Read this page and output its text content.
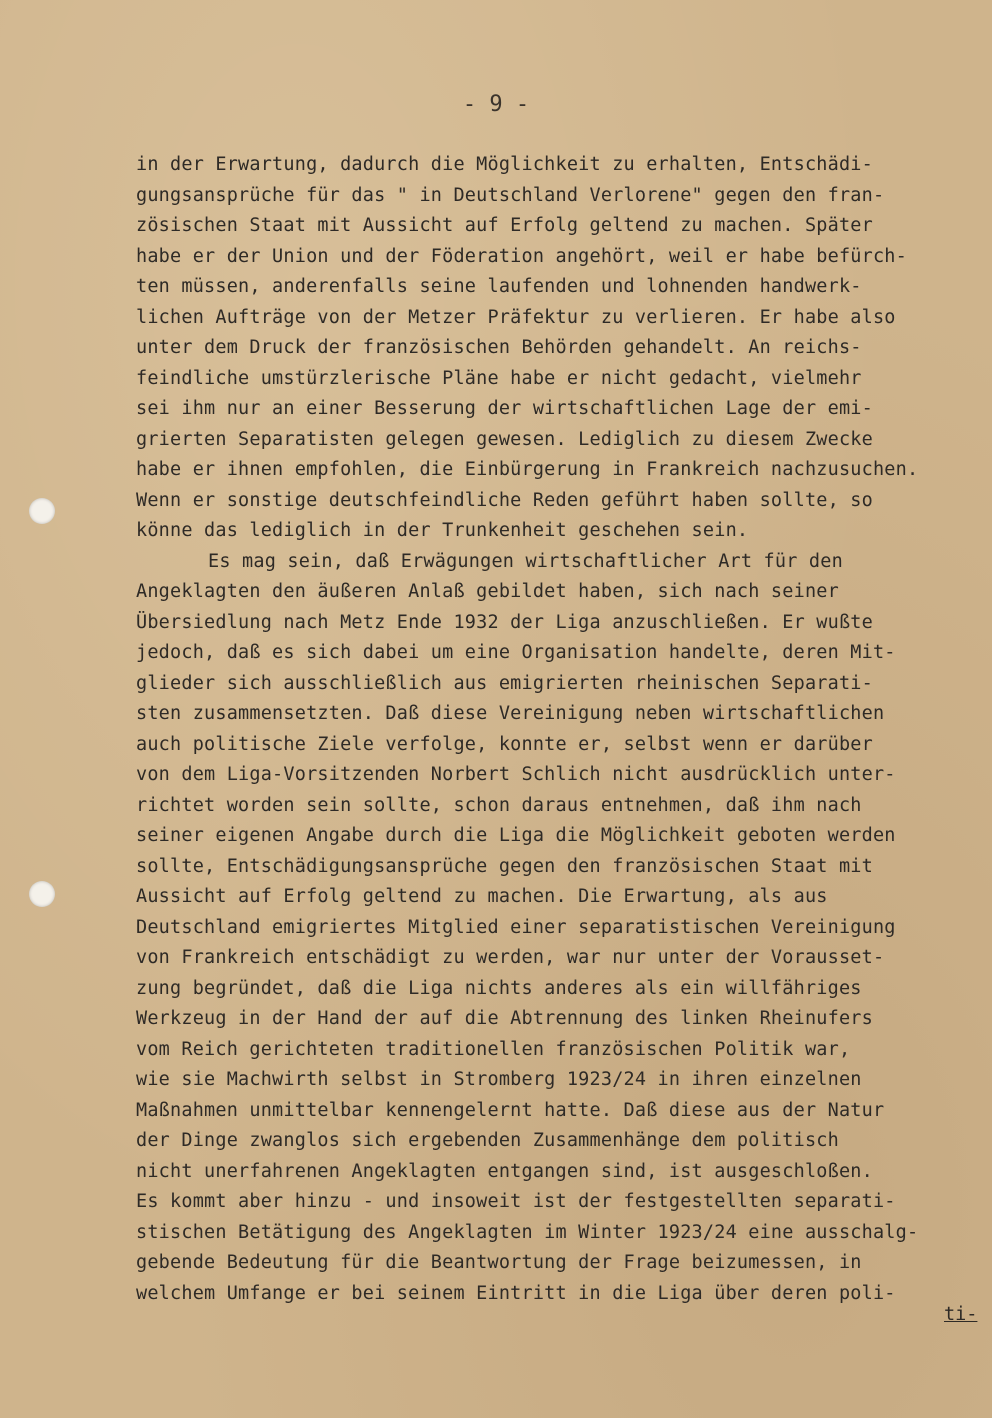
- 9 -
in der Erwartung, dadurch die Möglichkeit zu erhalten, Entschädi-
gungsansprüche für das " in Deutschland Verlorene" gegen den fran-
zösischen Staat mit Aussicht auf Erfolg geltend zu machen. Später
habe er der Union und der Föderation angehört, weil er habe befürch-
ten müssen, anderenfalls seine laufenden und lohnenden handwerk-
lichen Aufträge von der Metzer Präfektur zu verlieren. Er habe also
unter dem Druck der französischen Behörden gehandelt. An reichs-
feindliche umstürzlerische Pläne habe er nicht gedacht, vielmehr
sei ihm nur an einer Besserung der wirtschaftlichen Lage der emi-
grierten Separatisten gelegen gewesen. Lediglich zu diesem Zwecke
habe er ihnen empfohlen, die Einbürgerung in Frankreich nachzusuchen.
Wenn er sonstige deutschfeindliche Reden geführt haben sollte, so
könne das lediglich in der Trunkenheit geschehen sein.
Es mag sein, daß Erwägungen wirtschaftlicher Art für den
Angeklagten den äußeren Anlaß gebildet haben, sich nach seiner
Übersiedlung nach Metz Ende 1932 der Liga anzuschließen. Er wußte
jedoch, daß es sich dabei um eine Organisation handelte, deren Mit-
glieder sich ausschließlich aus emigrierten rheinischen Separati-
sten zusammensetzten. Daß diese Vereinigung neben wirtschaftlichen
auch politische Ziele verfolge, konnte er, selbst wenn er darüber
von dem Liga-Vorsitzenden Norbert Schlich nicht ausdrücklich unter-
richtet worden sein sollte, schon daraus entnehmen, daß ihm nach
seiner eigenen Angabe durch die Liga die Möglichkeit geboten werden
sollte, Entschädigungsansprüche gegen den französischen Staat mit
Aussicht auf Erfolg geltend zu machen. Die Erwartung, als aus
Deutschland emigriertes Mitglied einer separatistischen Vereinigung
von Frankreich entschädigt zu werden, war nur unter der Vorausset-
zung begründet, daß die Liga nichts anderes als ein willfähriges
Werkzeug in der Hand der auf die Abtrennung des linken Rheinufers
vom Reich gerichteten traditionellen französischen Politik war,
wie sie Machwirth selbst in Stromberg 1923/24 in ihren einzelnen
Maßnahmen unmittelbar kennengelernt hatte. Daß diese aus der Natur
der Dinge zwanglos sich ergebenden Zusammenhänge dem politisch
nicht unerfahrenen Angeklagten entgangen sind, ist ausgeschloßen.
Es kommt aber hinzu - und insoweit ist der festgestellten separati-
stischen Betätigung des Angeklagten im Winter 1923/24 eine ausschalg-
gebende Bedeutung für die Beantwortung der Frage beizumessen, in
welchem Umfange er bei seinem Eintritt in die Liga über deren poli-
ti-
